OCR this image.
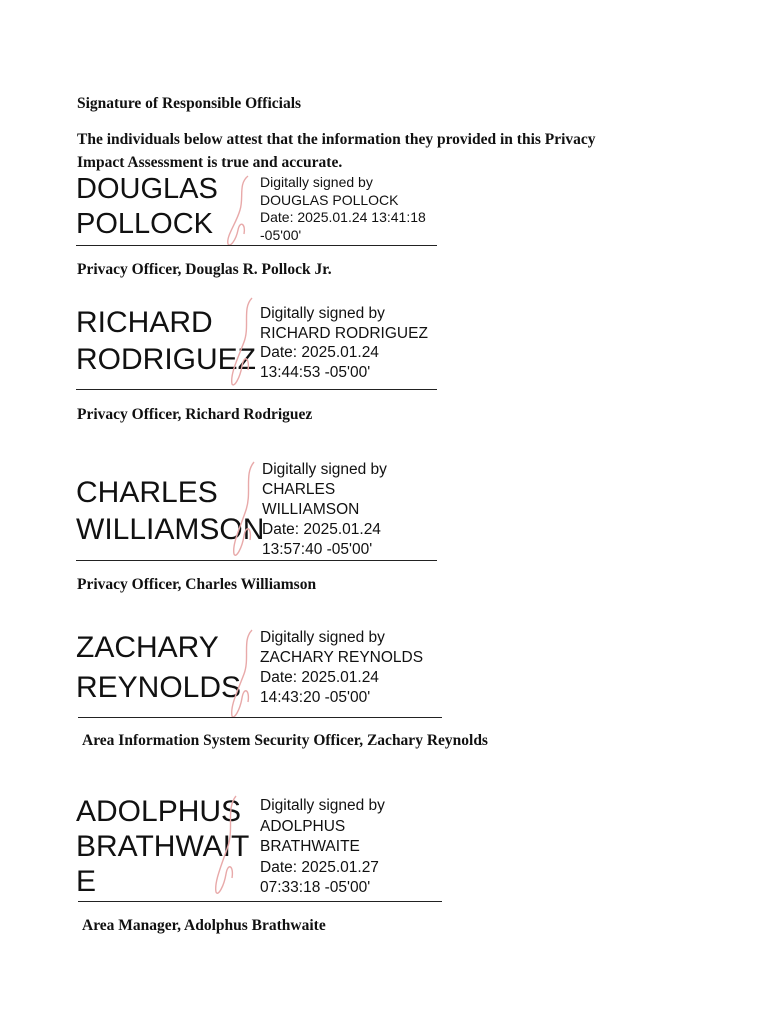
Signature of Responsible Officials
The individuals below attest that the information they provided in this Privacy
Impact Assessment is true and accurate.
DOUGLAS
POLLOCK
Digitally signed by
DOUGLAS POLLOCK
Date: 2025.01.24 13:41:18
-05'00'
Privacy Officer, Douglas R. Pollock Jr.
RICHARD
RODRIGUEZ
Digitally signed by
RICHARD RODRIGUEZ
Date: 2025.01.24
13:44:53 -05'00'
Privacy Officer, Richard Rodriguez
CHARLES
WILLIAMSON
Digitally signed by
CHARLES
WILLIAMSON
Date: 2025.01.24
13:57:40 -05'00'
Privacy Officer, Charles Williamson
ZACHARY
REYNOLDS
Digitally signed by
ZACHARY REYNOLDS
Date: 2025.01.24
14:43:20 -05'00'
Area Information System Security Officer, Zachary Reynolds
ADOLPHUS
BRATHWAIT
E
Digitally signed by
ADOLPHUS
BRATHWAITE
Date: 2025.01.27
07:33:18 -05'00'
Area Manager, Adolphus Brathwaite
